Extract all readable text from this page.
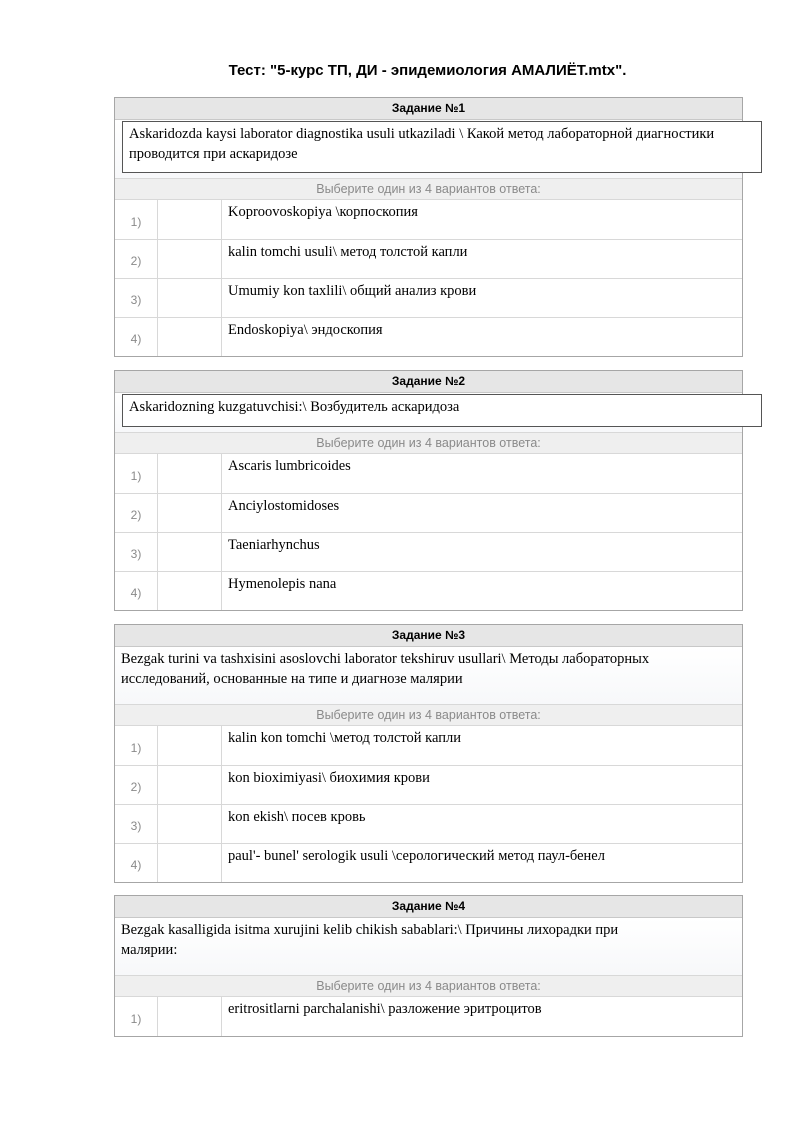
Тест: "5-курс ТП, ДИ - эпидемиология АМАЛИЁТ.mtx".
Задание №1
Askaridozda kaysi laborator diagnostika usuli utkaziladi \ Какой метод лабораторной диагностики
проводится при аскаридозе
Выберите один из 4 вариантов ответа:
1)
Koproovoskopiya \корпоскопия
2)
kalin tomchi usuli\ метод толстой капли
3)
Umumiy kon taxlili\ общий анализ крови
4)
Endoskopiya\ эндоскопия
Задание №2
Askaridozning kuzgatuvchisi:\ Возбудитель аскаридоза
Выберите один из 4 вариантов ответа:
1)
Ascaris lumbricoides
2)
Anciylostomidoses
3)
Taeniarhynchus
4)
Hymenolepis nana
Задание №3
Bezgak turini va tashxisini asoslovchi laborator tekshiruv usullari\ Методы лабораторных
исследований, основанные на типе и диагнозе малярии
Выберите один из 4 вариантов ответа:
1)
kalin kon tomchi \метод толстой капли
2)
kon bioximiyasi\ биохимия крови
3)
kon ekish\ посев кровь
4)
paul'- bunel' serologik usuli \серологический метод паул-бенел
Задание №4
Bezgak kasalligida isitma xurujini kelib chikish sabablari:\ Причины лихорадки при
малярии:
Выберите один из 4 вариантов ответа:
1)
eritrositlarni parchalanishi\ разложение эритроцитов
